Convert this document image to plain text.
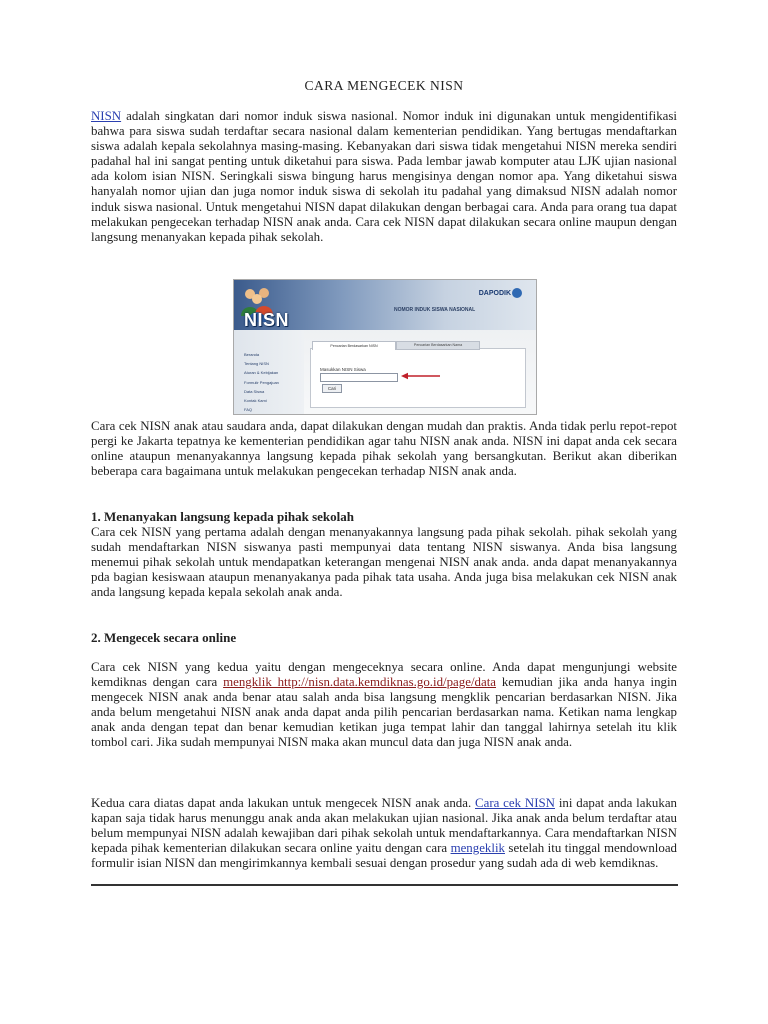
CARA MENGECEK NISN
NISN adalah singkatan dari nomor induk siswa nasional. Nomor induk ini digunakan untuk mengidentifikasi bahwa para siswa sudah terdaftar secara nasional dalam kementerian pendidikan. Yang bertugas mendaftarkan siswa adalah kepala sekolahnya masing-masing. Kebanyakan dari siswa tidak mengetahui NISN mereka sendiri padahal hal ini sangat penting untuk diketahui para siswa. Pada lembar jawab komputer atau LJK ujian nasional ada kolom isian NISN. Seringkali siswa bingung harus mengisinya dengan nomor apa. Yang diketahui siswa hanyalah nomor ujian dan juga nomor induk siswa di sekolah itu padahal yang dimaksud NISN adalah nomor induk siswa nasional. Untuk mengetahui NISN dapat dilakukan dengan berbagai cara. Anda para orang tua dapat melakukan pengecekan terhadap NISN anak anda. Cara cek NISN dapat dilakukan secara online maupun dengan langsung menanyakan kepada pihak sekolah.
NISN
DAPODIK
NOMOR INDUK SISWA NASIONAL
Beranda
Tentang NISN
Aturan & Kebijakan
Formulir Pengajuan
Data Siswa
Kontak Kami
FAQ
Pencarian Berdasarkan NISN	Pencarian Berdasarkan Nama
Masukkan NISN Siswa
Cari
Cara cek NISN anak atau saudara anda, dapat dilakukan dengan mudah dan praktis. Anda tidak perlu repot-repot pergi ke Jakarta tepatnya ke kementerian pendidikan agar tahu NISN anak anda. NISN ini dapat anda cek secara online ataupun menanyakannya langsung kepada pihak sekolah yang bersangkutan. Berikut akan diberikan beberapa cara bagaimana untuk melakukan pengecekan terhadap NISN anak anda.
1. Menanyakan langsung kepada pihak sekolah
Cara cek NISN yang pertama adalah dengan menanyakannya langsung pada pihak sekolah. pihak sekolah yang sudah mendaftarkan NISN siswanya pasti mempunyai data tentang NISN siswanya. Anda bisa langsung menemui pihak sekolah untuk mendapatkan keterangan mengenai NISN anak anda. anda dapat menanyakannya pda bagian kesiswaan ataupun menanyakanya pada pihak tata usaha. Anda juga bisa melakukan cek NISN anak anda langsung kepada kepala sekolah anak anda.
2. Mengecek secara online
Cara cek NISN yang kedua yaitu dengan mengeceknya secara online. Anda dapat mengunjungi website kemdiknas dengan cara mengklik http://nisn.data.kemdiknas.go.id/page/data kemudian jika anda hanya ingin mengecek NISN anak anda benar atau salah anda bisa langsung mengklik pencarian berdasarkan NISN. Jika anda belum mengetahui NISN anak anda dapat anda pilih pencarian berdasarkan nama. Ketikan nama lengkap anak anda dengan tepat dan benar kemudian ketikan juga tempat lahir dan tanggal lahirnya setelah itu klik tombol cari. Jika sudah mempunyai NISN maka akan muncul data dan juga NISN anak anda.
Kedua cara diatas dapat anda lakukan untuk mengecek NISN anak anda. Cara cek NISN ini dapat anda lakukan kapan saja tidak harus menunggu anak anda akan melakukan ujian nasional. Jika anak anda belum terdaftar atau belum mempunyai NISN adalah kewajiban dari pihak sekolah untuk mendaftarkannya. Cara mendaftarkan NISN kepada pihak kementerian dilakukan secara online yaitu dengan cara mengeklik setelah itu tinggal mendownload formulir isian NISN dan mengirimkannya kembali sesuai dengan prosedur yang sudah ada di web kemdiknas.
